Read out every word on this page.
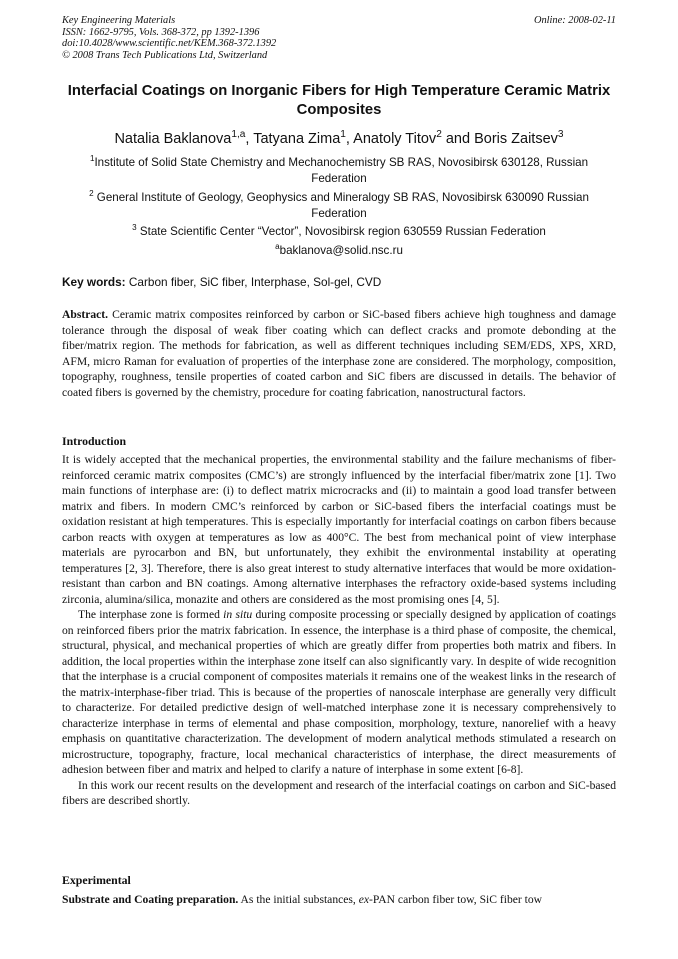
Key Engineering Materials
ISSN: 1662-9795, Vols. 368-372, pp 1392-1396
doi:10.4028/www.scientific.net/KEM.368-372.1392
© 2008 Trans Tech Publications Ltd, Switzerland
Online: 2008-02-11
Interfacial Coatings on Inorganic Fibers for High Temperature Ceramic Matrix Composites
Natalia Baklanova$^{1,a}$, Tatyana Zima$^1$, Anatoly Titov$^2$ and Boris Zaitsev$^3$
$^1$Institute of Solid State Chemistry and Mechanochemistry SB RAS, Novosibirsk 630128, Russian Federation
$^2$ General Institute of Geology, Geophysics and Mineralogy SB RAS, Novosibirsk 630090 Russian Federation
$^3$ State Scientific Center “Vector”, Novosibirsk region 630559 Russian Federation
$^a$baklanova@solid.nsc.ru
Key words: Carbon fiber, SiC fiber, Interphase, Sol-gel, CVD
Abstract. Ceramic matrix composites reinforced by carbon or SiC-based fibers achieve high toughness and damage tolerance through the disposal of weak fiber coating which can deflect cracks and promote debonding at the fiber/matrix region. The methods for fabrication, as well as different techniques including SEM/EDS, XPS, XRD, AFM, micro Raman for evaluation of properties of the interphase zone are considered. The morphology, composition, topography, roughness, tensile properties of coated carbon and SiC fibers are discussed in details. The behavior of coated fibers is governed by the chemistry, procedure for coating fabrication, nanostructural factors.
Introduction

It is widely accepted that the mechanical properties, the environmental stability and the failure mechanisms of fiber-reinforced ceramic matrix composites (CMC’s) are strongly influenced by the interfacial fiber/matrix zone [1]. Two main functions of interphase are: (i) to deflect matrix microcracks and (ii) to maintain a good load transfer between matrix and fibers. In modern CMC’s reinforced by carbon or SiC-based fibers the interfacial coatings must be oxidation resistant at high temperatures. This is especially importantly for interfacial coatings on carbon fibers because carbon reacts with oxygen at temperatures as low as 400°C. The best from mechanical point of view interphase materials are pyrocarbon and BN, but unfortunately, they exhibit the environmental instability at operating temperatures [2, 3]. Therefore, there is also great interest to study alternative interfaces that would be more oxidation-resistant than carbon and BN coatings. Among alternative interphases the refractory oxide-based systems including zirconia, alumina/silica, monazite and others are considered as the most promising ones [4, 5].

The interphase zone is formed in situ during composite processing or specially designed by application of coatings on reinforced fibers prior the matrix fabrication. In essence, the interphase is a third phase of composite, the chemical, structural, physical, and mechanical properties of which are greatly differ from properties both matrix and fibers. In addition, the local properties within the interphase zone itself can also significantly vary. In despite of wide recognition that the interphase is a crucial component of composites materials it remains one of the weakest links in the research of the matrix-interphase-fiber triad. This is because of the properties of nanoscale interphase are generally very difficult to characterize. For detailed predictive design of well-matched interphase zone it is necessary comprehensively to characterize interphase in terms of elemental and phase composition, morphology, texture, nanorelief with a heavy emphasis on quantitative characterization. The development of modern analytical methods stimulated a research on microstructure, topography, fracture, local mechanical characteristics of interphase, the direct measurements of adhesion between fiber and matrix and helped to clarify a nature of interphase in some extent [6-8].

In this work our recent results on the development and research of the interfacial coatings on carbon and SiC-based fibers are described shortly.

Experimental
Substrate and Coating preparation. As the initial substances, ex-PAN carbon fiber tow, SiC fiber tow
